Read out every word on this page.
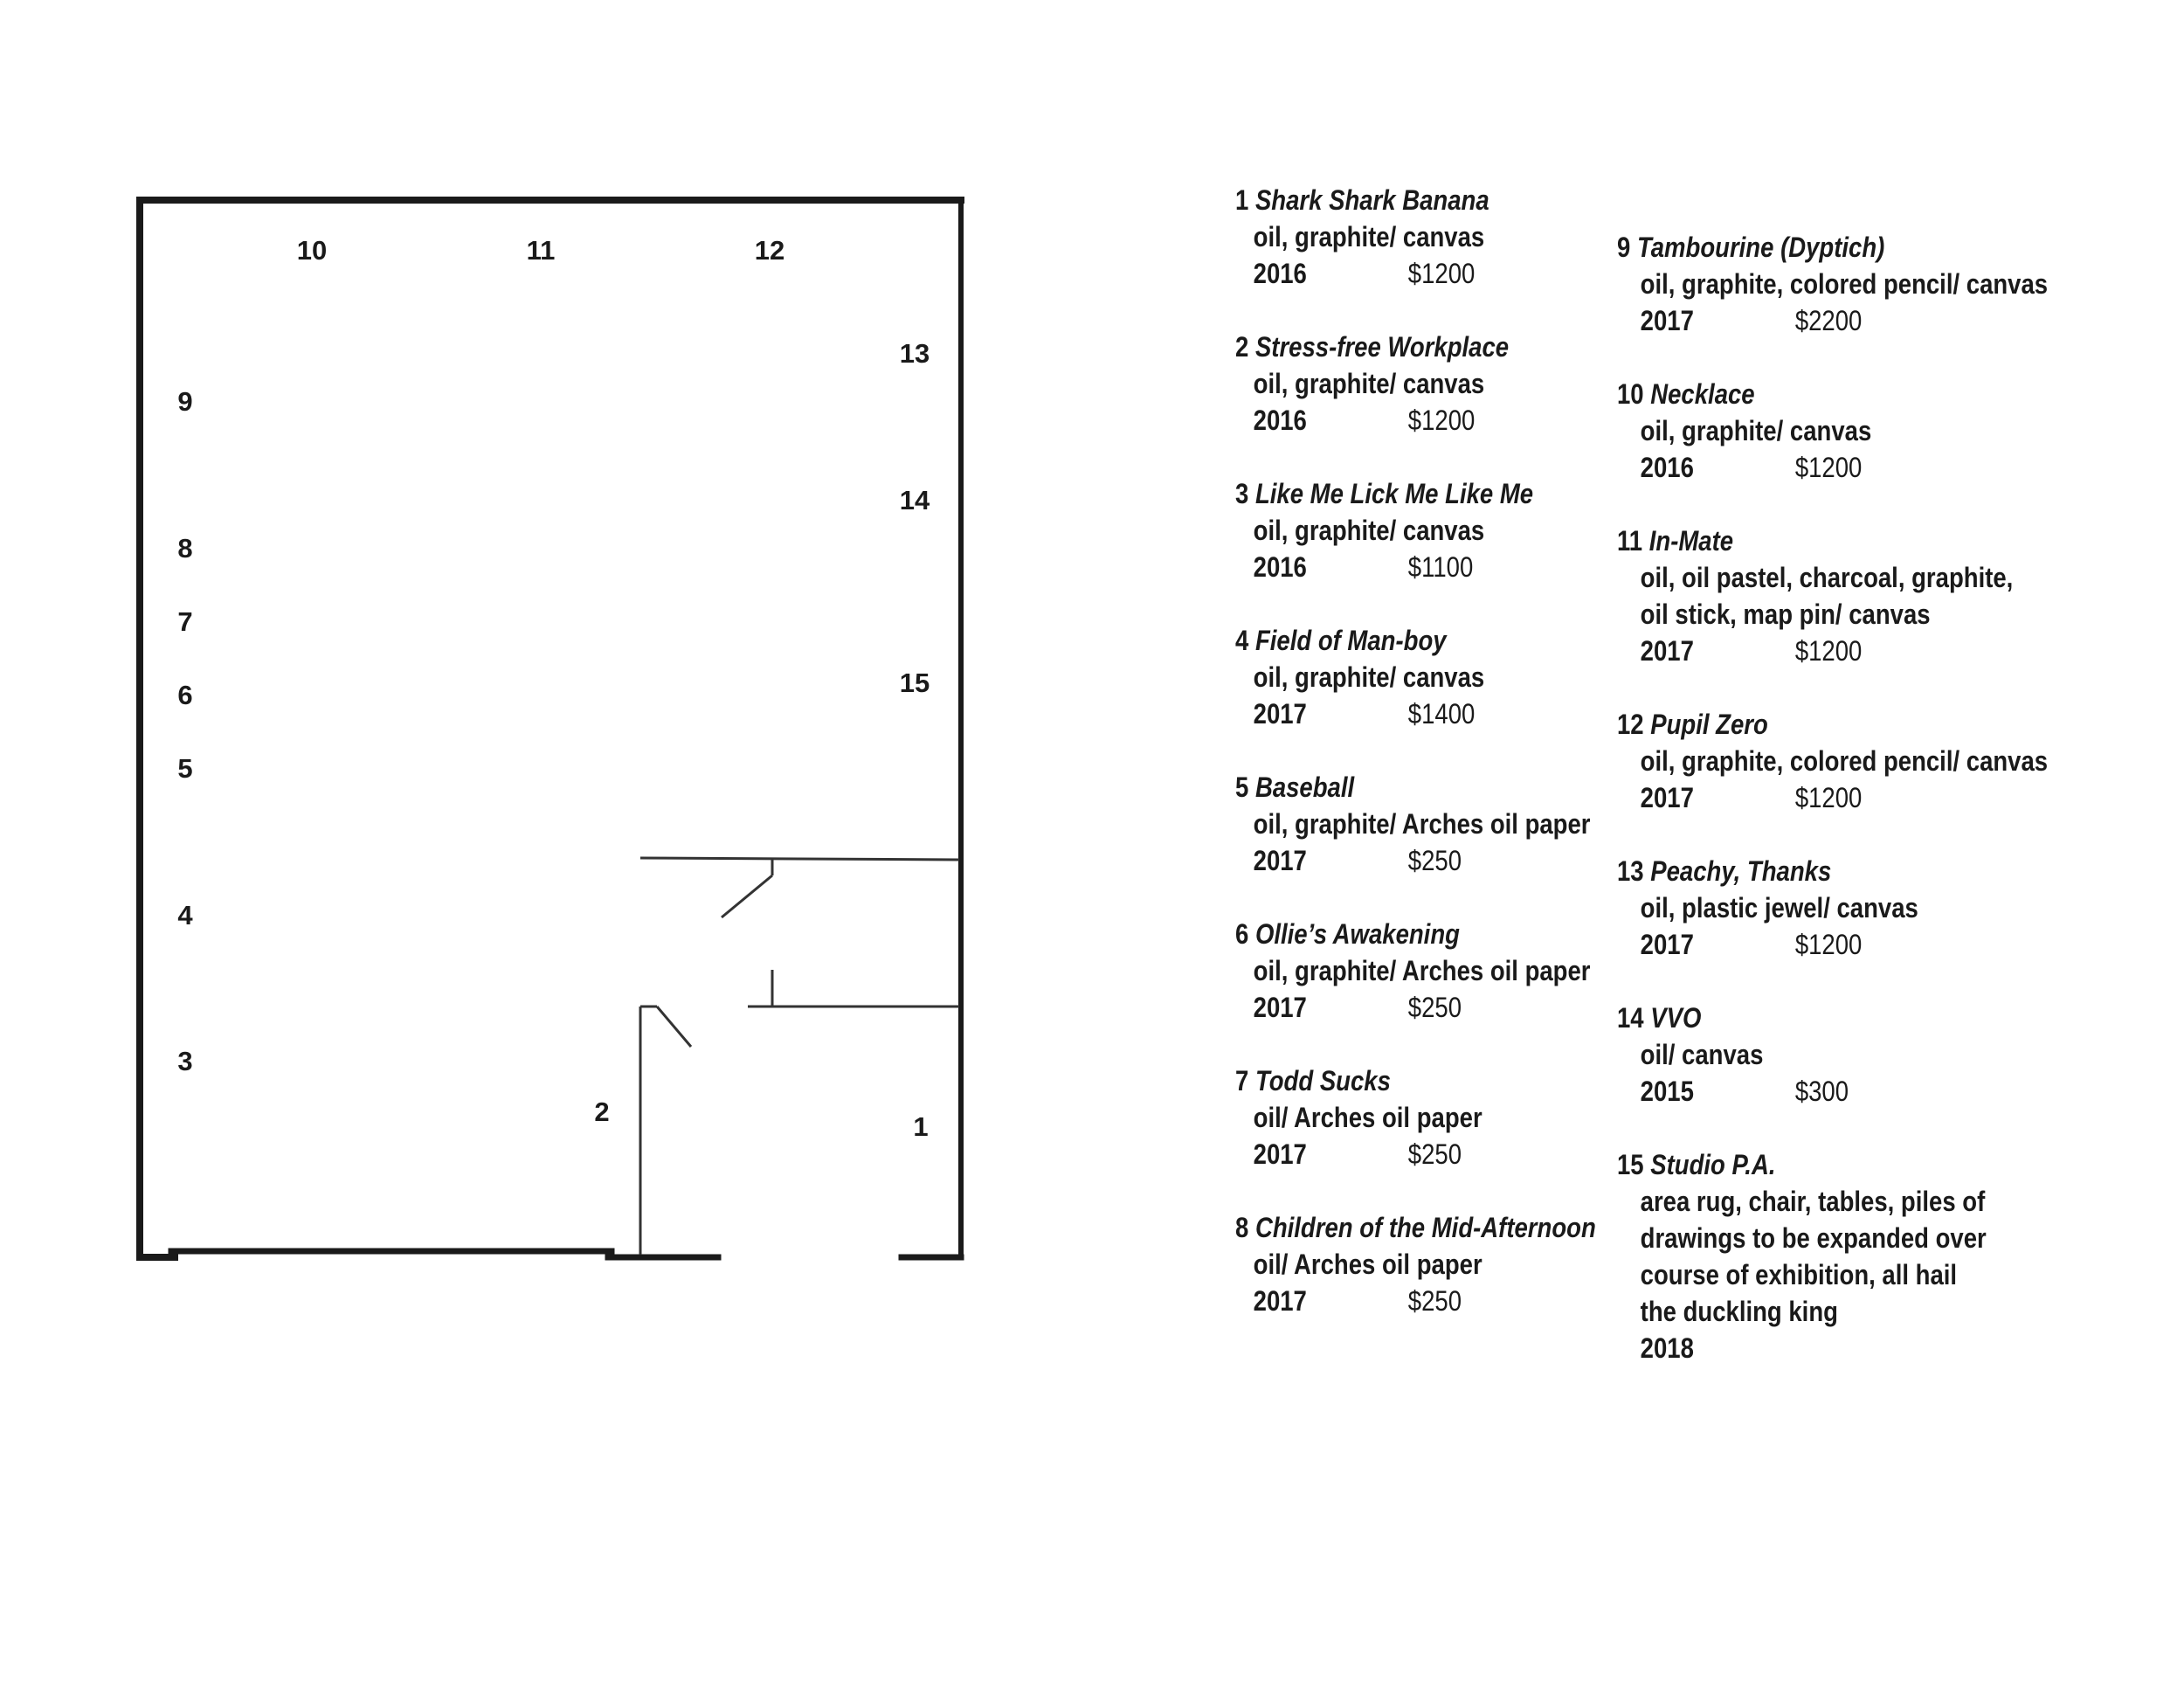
1
2
3
4
5
6
7
8
9
10	11	12
13
14
15
1 Shark Shark Banana
oil, graphite/ canvas
2016	$1200
2 Stress-free Workplace
oil, graphite/ canvas
2016	$1200
3 Like Me Lick Me Like Me
oil, graphite/ canvas
2016	$1100
4 Field of Man-boy
oil, graphite/ canvas
2017	$1400
5 Baseball
oil, graphite/ Arches oil paper
2017	$250
6 Ollie’s Awakening
oil, graphite/ Arches oil paper
2017	$250
7 Todd Sucks
oil/ Arches oil paper
2017	$250
8 Children of the Mid-Afternoon
oil/ Arches oil paper
2017	$250
9 Tambourine (Dyptich)
oil, graphite, colored pencil/ canvas
2017	$2200
10 Necklace
oil, graphite/ canvas
2016	$1200
11 In-Mate
oil, oil pastel, charcoal, graphite,
oil stick, map pin/ canvas
2017	$1200
12 Pupil Zero
oil, graphite, colored pencil/ canvas
2017	$1200
13 Peachy, Thanks
oil, plastic jewel/ canvas
2017	$1200
14 VVO
oil/ canvas
2015	$300
15 Studio P.A.
area rug, chair, tables, piles of
drawings to be expanded over
course of exhibition, all hail
the duckling king
2018
